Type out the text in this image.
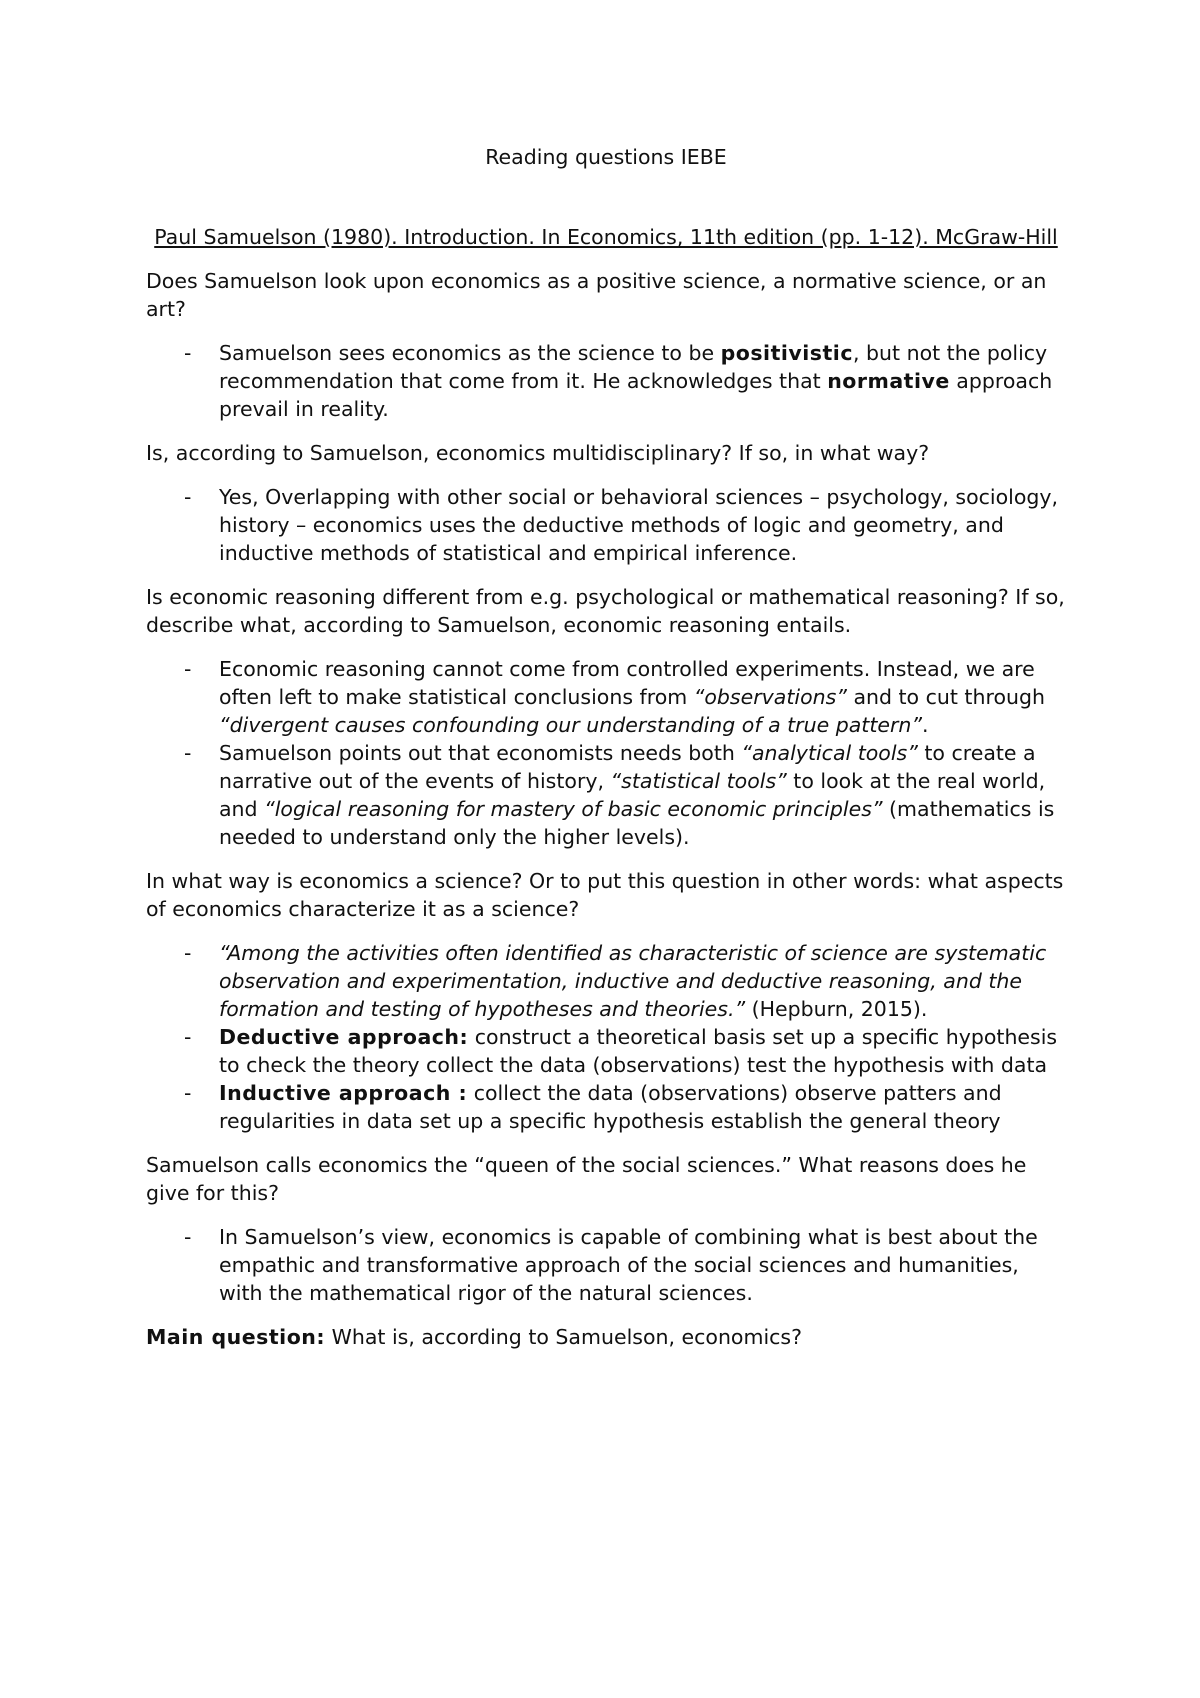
Reading questions IEBE

Paul Samuelson (1980). Introduction. In Economics, 11th edition (pp. 1-12). McGraw-Hill

Does Samuelson look upon economics as a positive science, a normative science, or an art?

- Samuelson sees economics as the science to be positivistic, but not the policy recommendation that come from it. He acknowledges that normative approach prevail in reality.

Is, according to Samuelson, economics multidisciplinary? If so, in what way?

- Yes, Overlapping with other social or behavioral sciences – psychology, sociology, history – economics uses the deductive methods of logic and geometry, and inductive methods of statistical and empirical inference.

Is economic reasoning different from e.g. psychological or mathematical reasoning? If so, describe what, according to Samuelson, economic reasoning entails.

- Economic reasoning cannot come from controlled experiments. Instead, we are often left to make statistical conclusions from “observations” and to cut through “divergent causes confounding our understanding of a true pattern”.
- Samuelson points out that economists needs both “analytical tools” to create a narrative out of the events of history, “statistical tools” to look at the real world, and “logical reasoning for mastery of basic economic principles” (mathematics is needed to understand only the higher levels).

In what way is economics a science? Or to put this question in other words: what aspects of economics characterize it as a science?

- “Among the activities often identified as characteristic of science are systematic observation and experimentation, inductive and deductive reasoning, and the formation and testing of hypotheses and theories.” (Hepburn, 2015).
- Deductive approach: construct a theoretical basis set up a specific hypothesis to check the theory collect the data (observations) test the hypothesis with data
- Inductive approach : collect the data (observations) observe patters and regularities in data set up a specific hypothesis establish the general theory

Samuelson calls economics the “queen of the social sciences.” What reasons does he give for this?

- In Samuelson’s view, economics is capable of combining what is best about the empathic and transformative approach of the social sciences and humanities, with the mathematical rigor of the natural sciences.

Main question: What is, according to Samuelson, economics?
